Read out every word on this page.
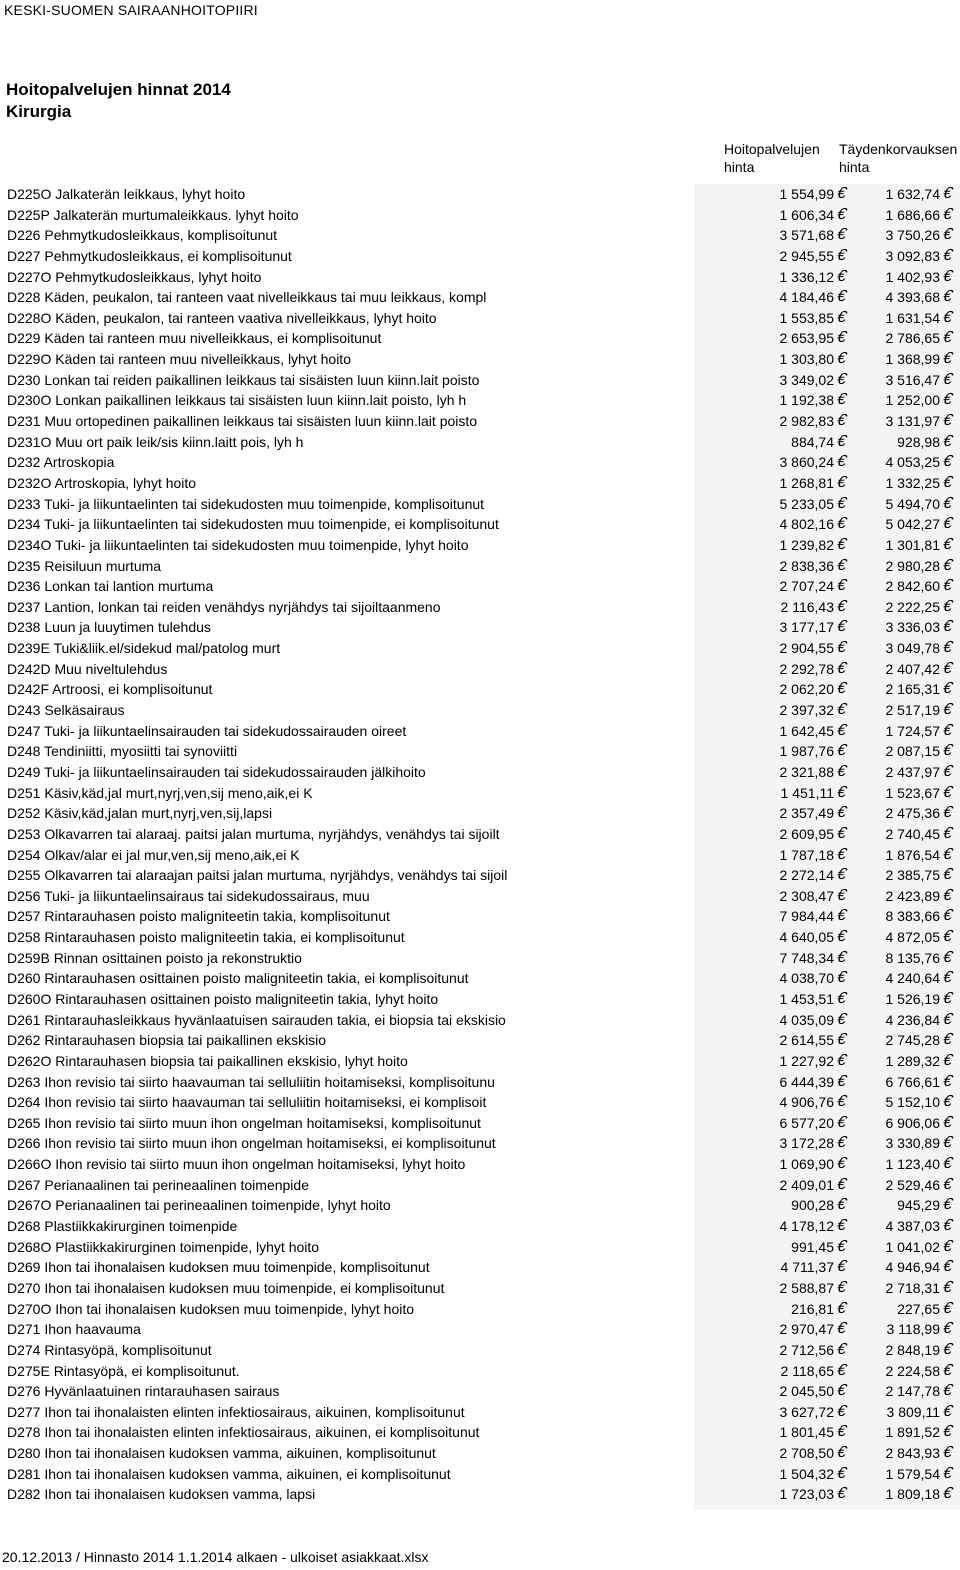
KESKI-SUOMEN SAIRAANHOITOPIIRI
Hoitopalvelujen hinnat 2014
Kirurgia
Hoitopalvelujen hinta
Täydenkorvauksen hinta
D225O Jalkaterän leikkaus, lyhyt hoito	1 554,99 €	1 632,74 €
D225P Jalkaterän murtumaleikkaus. lyhyt hoito	1 606,34 €	1 686,66 €
D226 Pehmytkudosleikkaus, komplisoitunut	3 571,68 €	3 750,26 €
D227 Pehmytkudosleikkaus, ei komplisoitunut	2 945,55 €	3 092,83 €
D227O Pehmytkudosleikkaus, lyhyt hoito	1 336,12 €	1 402,93 €
D228 Käden, peukalon, tai ranteen vaat nivelleikkaus tai muu leikkaus, kompl	4 184,46 €	4 393,68 €
D228O Käden, peukalon, tai ranteen vaativa nivelleikkaus, lyhyt hoito	1 553,85 €	1 631,54 €
D229 Käden tai ranteen muu nivelleikkaus, ei komplisoitunut	2 653,95 €	2 786,65 €
D229O Käden tai ranteen muu nivelleikkaus, lyhyt hoito	1 303,80 €	1 368,99 €
D230 Lonkan tai reiden paikallinen leikkaus tai sisäisten luun kiinn.lait poisto	3 349,02 €	3 516,47 €
D230O Lonkan paikallinen leikkaus tai sisäisten luun kiinn.lait poisto, lyh h	1 192,38 €	1 252,00 €
D231 Muu ortopedinen paikallinen leikkaus tai sisäisten luun kiinn.lait poisto	2 982,83 €	3 131,97 €
D231O Muu ort paik leik/sis kiinn.laitt pois, lyh h	884,74 €	928,98 €
D232 Artroskopia	3 860,24 €	4 053,25 €
D232O Artroskopia, lyhyt hoito	1 268,81 €	1 332,25 €
D233 Tuki- ja liikuntaelinten tai sidekudosten muu toimenpide, komplisoitunut	5 233,05 €	5 494,70 €
D234 Tuki- ja liikuntaelinten tai sidekudosten muu toimenpide, ei komplisoitunut	4 802,16 €	5 042,27 €
D234O Tuki- ja liikuntaelinten tai sidekudosten muu toimenpide, lyhyt hoito	1 239,82 €	1 301,81 €
D235 Reisiluun murtuma	2 838,36 €	2 980,28 €
D236 Lonkan tai lantion murtuma	2 707,24 €	2 842,60 €
D237 Lantion, lonkan tai reiden venähdys nyrjähdys tai sijoiltaanmeno	2 116,43 €	2 222,25 €
D238 Luun ja luuytimen tulehdus	3 177,17 €	3 336,03 €
D239E Tuki&liik.el/sidekud mal/patolog murt	2 904,55 €	3 049,78 €
D242D Muu niveltulehdus	2 292,78 €	2 407,42 €
D242F Artroosi, ei komplisoitunut	2 062,20 €	2 165,31 €
D243 Selkäsairaus	2 397,32 €	2 517,19 €
D247 Tuki- ja liikuntaelinsairauden tai sidekudossairauden oireet	1 642,45 €	1 724,57 €
D248 Tendiniitti, myosiitti tai synoviitti	1 987,76 €	2 087,15 €
D249 Tuki- ja liikuntaelinsairauden tai sidekudossairauden jälkihoito	2 321,88 €	2 437,97 €
D251 Käsiv,käd,jal murt,nyrj,ven,sij meno,aik,ei K	1 451,11 €	1 523,67 €
D252 Käsiv,käd,jalan murt,nyrj,ven,sij,lapsi	2 357,49 €	2 475,36 €
D253 Olkavarren tai alaraaj. paitsi jalan murtuma, nyrjähdys, venähdys tai sijoilt	2 609,95 €	2 740,45 €
D254 Olkav/alar ei jal mur,ven,sij meno,aik,ei K	1 787,18 €	1 876,54 €
D255 Olkavarren tai alaraajan paitsi jalan murtuma, nyrjähdys, venähdys tai sijoil	2 272,14 €	2 385,75 €
D256 Tuki- ja liikuntaelinsairaus tai sidekudossairaus, muu	2 308,47 €	2 423,89 €
D257 Rintarauhasen poisto maligniteetin takia, komplisoitunut	7 984,44 €	8 383,66 €
D258 Rintarauhasen poisto maligniteetin takia, ei komplisoitunut	4 640,05 €	4 872,05 €
D259B Rinnan osittainen poisto ja rekonstruktio	7 748,34 €	8 135,76 €
D260 Rintarauhasen osittainen poisto maligniteetin takia, ei komplisoitunut	4 038,70 €	4 240,64 €
D260O Rintarauhasen osittainen poisto maligniteetin takia, lyhyt hoito	1 453,51 €	1 526,19 €
D261 Rintarauhasleikkaus hyvänlaatuisen sairauden takia, ei biopsia tai ekskisio	4 035,09 €	4 236,84 €
D262 Rintarauhasen biopsia tai paikallinen ekskisio	2 614,55 €	2 745,28 €
D262O Rintarauhasen biopsia tai paikallinen ekskisio, lyhyt hoito	1 227,92 €	1 289,32 €
D263 Ihon revisio tai siirto haavauman tai selluliitin hoitamiseksi, komplisoitunu	6 444,39 €	6 766,61 €
D264 Ihon revisio tai siirto haavauman tai selluliitin hoitamiseksi, ei komplisoit	4 906,76 €	5 152,10 €
D265 Ihon revisio tai siirto muun ihon ongelman hoitamiseksi, komplisoitunut	6 577,20 €	6 906,06 €
D266 Ihon revisio tai siirto muun ihon ongelman hoitamiseksi, ei komplisoitunut	3 172,28 €	3 330,89 €
D266O Ihon revisio tai siirto muun ihon ongelman hoitamiseksi, lyhyt hoito	1 069,90 €	1 123,40 €
D267 Perianaalinen tai perineaalinen toimenpide	2 409,01 €	2 529,46 €
D267O Perianaalinen tai perineaalinen toimenpide, lyhyt hoito	900,28 €	945,29 €
D268 Plastiikkakirurginen toimenpide	4 178,12 €	4 387,03 €
D268O Plastiikkakirurginen toimenpide, lyhyt hoito	991,45 €	1 041,02 €
D269 Ihon tai ihonalaisen kudoksen muu toimenpide, komplisoitunut	4 711,37 €	4 946,94 €
D270 Ihon tai ihonalaisen kudoksen muu toimenpide, ei komplisoitunut	2 588,87 €	2 718,31 €
D270O Ihon tai ihonalaisen kudoksen muu toimenpide, lyhyt hoito	216,81 €	227,65 €
D271 Ihon haavauma	2 970,47 €	3 118,99 €
D274 Rintasyöpä, komplisoitunut	2 712,56 €	2 848,19 €
D275E Rintasyöpä, ei komplisoitunut.	2 118,65 €	2 224,58 €
D276 Hyvänlaatuinen rintarauhasen sairaus	2 045,50 €	2 147,78 €
D277 Ihon tai ihonalaisten elinten infektiosairaus, aikuinen, komplisoitunut	3 627,72 €	3 809,11 €
D278 Ihon tai ihonalaisten elinten infektiosairaus, aikuinen, ei komplisoitunut	1 801,45 €	1 891,52 €
D280 Ihon tai ihonalaisen kudoksen vamma, aikuinen, komplisoitunut	2 708,50 €	2 843,93 €
D281 Ihon tai ihonalaisen kudoksen vamma, aikuinen, ei komplisoitunut	1 504,32 €	1 579,54 €
D282 Ihon tai ihonalaisen kudoksen vamma, lapsi	1 723,03 €	1 809,18 €
20.12.2013 / Hinnasto 2014 1.1.2014 alkaen - ulkoiset asiakkaat.xlsx
